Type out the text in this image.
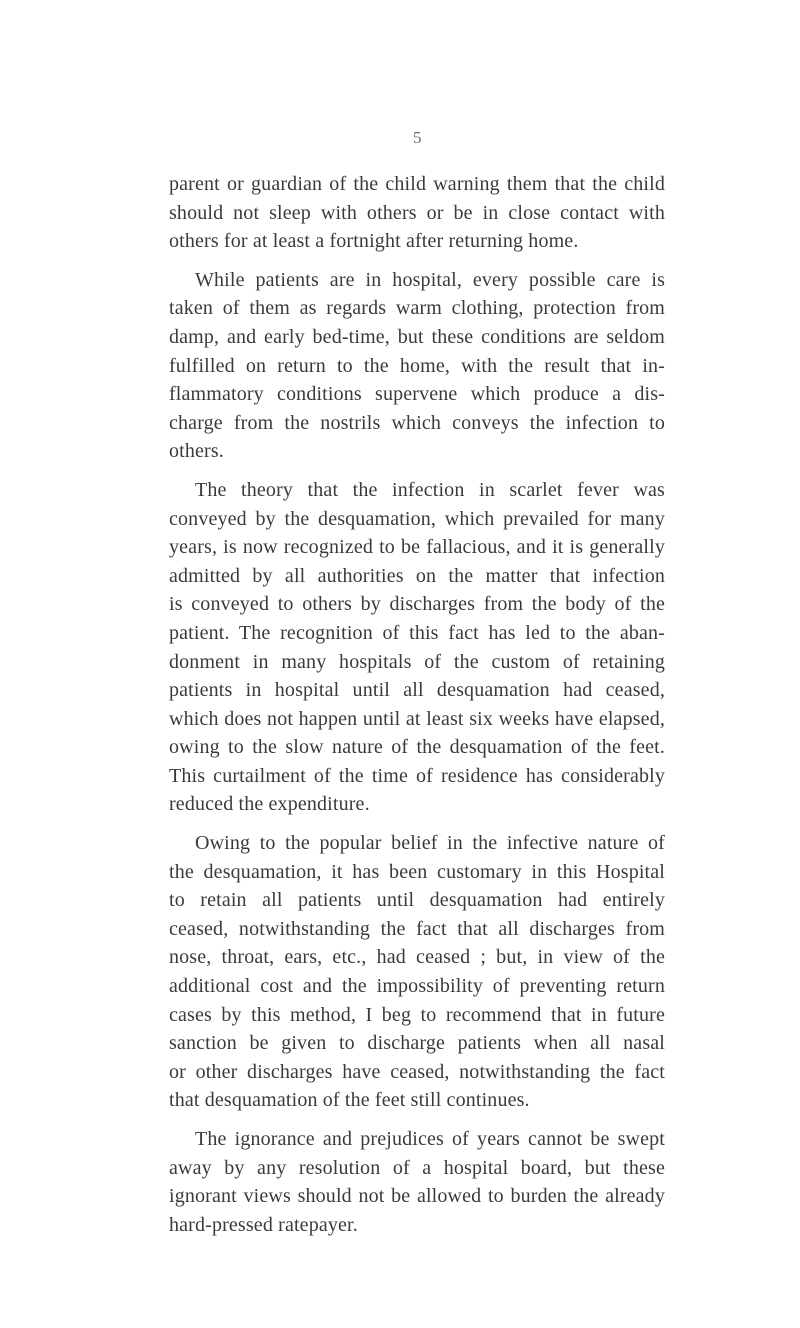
5
parent or guardian of the child warning them that the child
should not sleep with others or be in close contact with
others for at least a fortnight after returning home.
While patients are in hospital, every possible care is
taken of them as regards warm clothing, protection from
damp, and early bed-time, but these conditions are seldom
fulfilled on return to the home, with the result that in-
flammatory conditions supervene which produce a dis-
charge from the nostrils which conveys the infection to
others.
The theory that the infection in scarlet fever was
conveyed by the desquamation, which prevailed for many
years, is now recognized to be fallacious, and it is generally
admitted by all authorities on the matter that infection
is conveyed to others by discharges from the body of the
patient. The recognition of this fact has led to the aban-
donment in many hospitals of the custom of retaining
patients in hospital until all desquamation had ceased,
which does not happen until at least six weeks have elapsed,
owing to the slow nature of the desquamation of the feet.
This curtailment of the time of residence has considerably
reduced the expenditure.
Owing to the popular belief in the infective nature of
the desquamation, it has been customary in this Hospital
to retain all patients until desquamation had entirely
ceased, notwithstanding the fact that all discharges from
nose, throat, ears, etc., had ceased ; but, in view of the
additional cost and the impossibility of preventing return
cases by this method, I beg to recommend that in future
sanction be given to discharge patients when all nasal
or other discharges have ceased, notwithstanding the fact
that desquamation of the feet still continues.
The ignorance and prejudices of years cannot be swept
away by any resolution of a hospital board, but these
ignorant views should not be allowed to burden the already
hard-pressed ratepayer.
